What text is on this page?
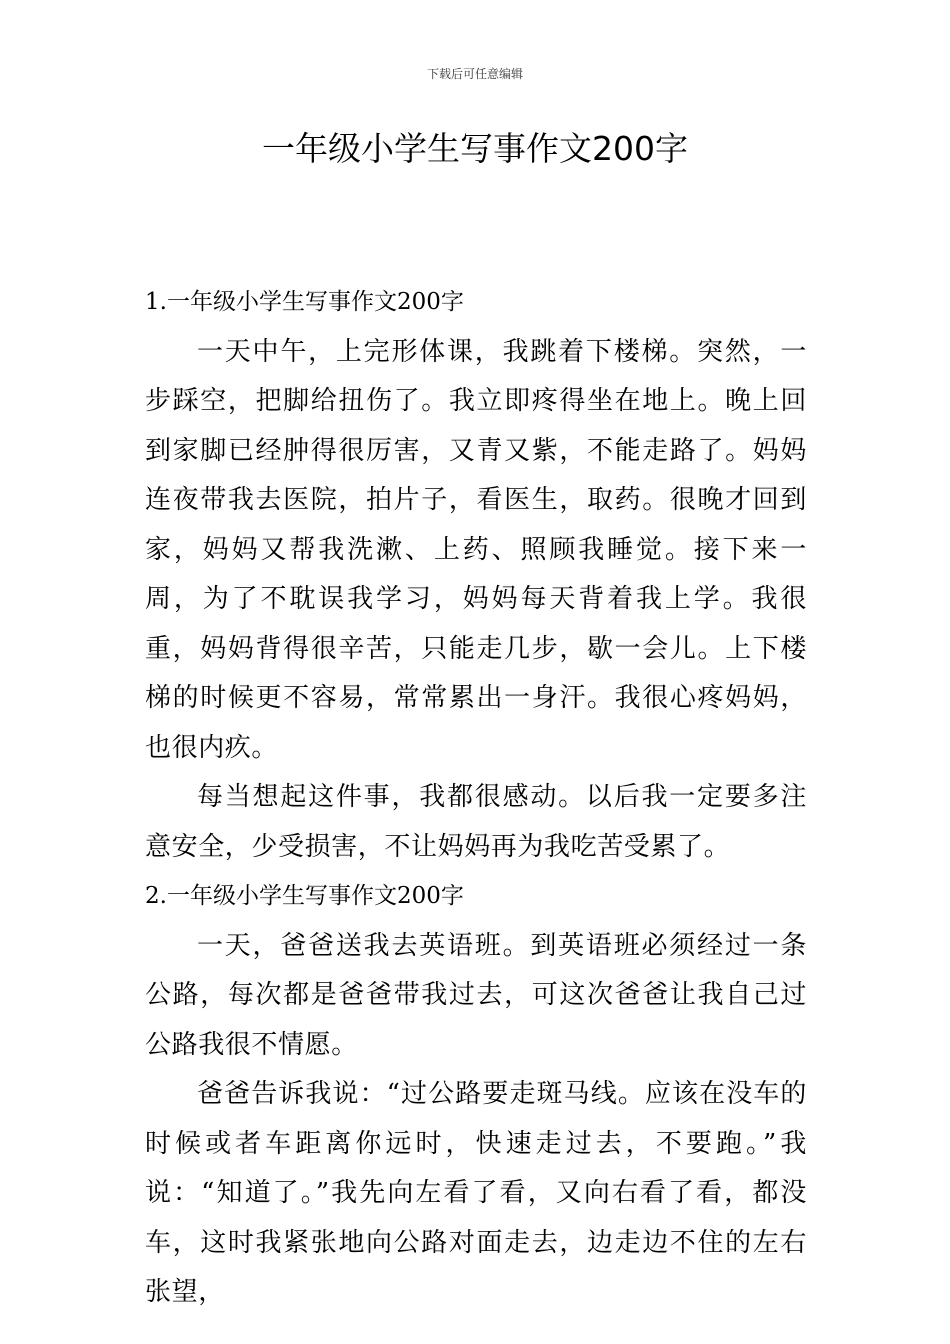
下载后可任意编辑
一年级小学生写事作文200字

1.一年级小学生写事作文200字

一天中午，上完形体课，我跳着下楼梯。突然，一步踩空，把脚给扭伤了。我立即疼得坐在地上。晚上回到家脚已经肿得很厉害，又青又紫，不能走路了。妈妈连夜带我去医院，拍片子，看医生，取药。很晚才回到家，妈妈又帮我洗漱、上药、照顾我睡觉。接下来一周，为了不耽误我学习，妈妈每天背着我上学。我很重，妈妈背得很辛苦，只能走几步，歇一会儿。上下楼梯的时候更不容易，常常累出一身汗。我很心疼妈妈，也很内疚。

每当想起这件事，我都很感动。以后我一定要多注意安全，少受损害，不让妈妈再为我吃苦受累了。

2.一年级小学生写事作文200字

一天，爸爸送我去英语班。到英语班必须经过一条公路，每次都是爸爸带我过去，可这次爸爸让我自己过公路我很不情愿。

爸爸告诉我说：“过公路要走斑马线。应该在没车的时候或者车距离你远时，快速走过去，不要跑。”我说：“知道了。”我先向左看了看，又向右看了看，都没车，这时我紧张地向公路对面走去，边走边不住的左右张望，
